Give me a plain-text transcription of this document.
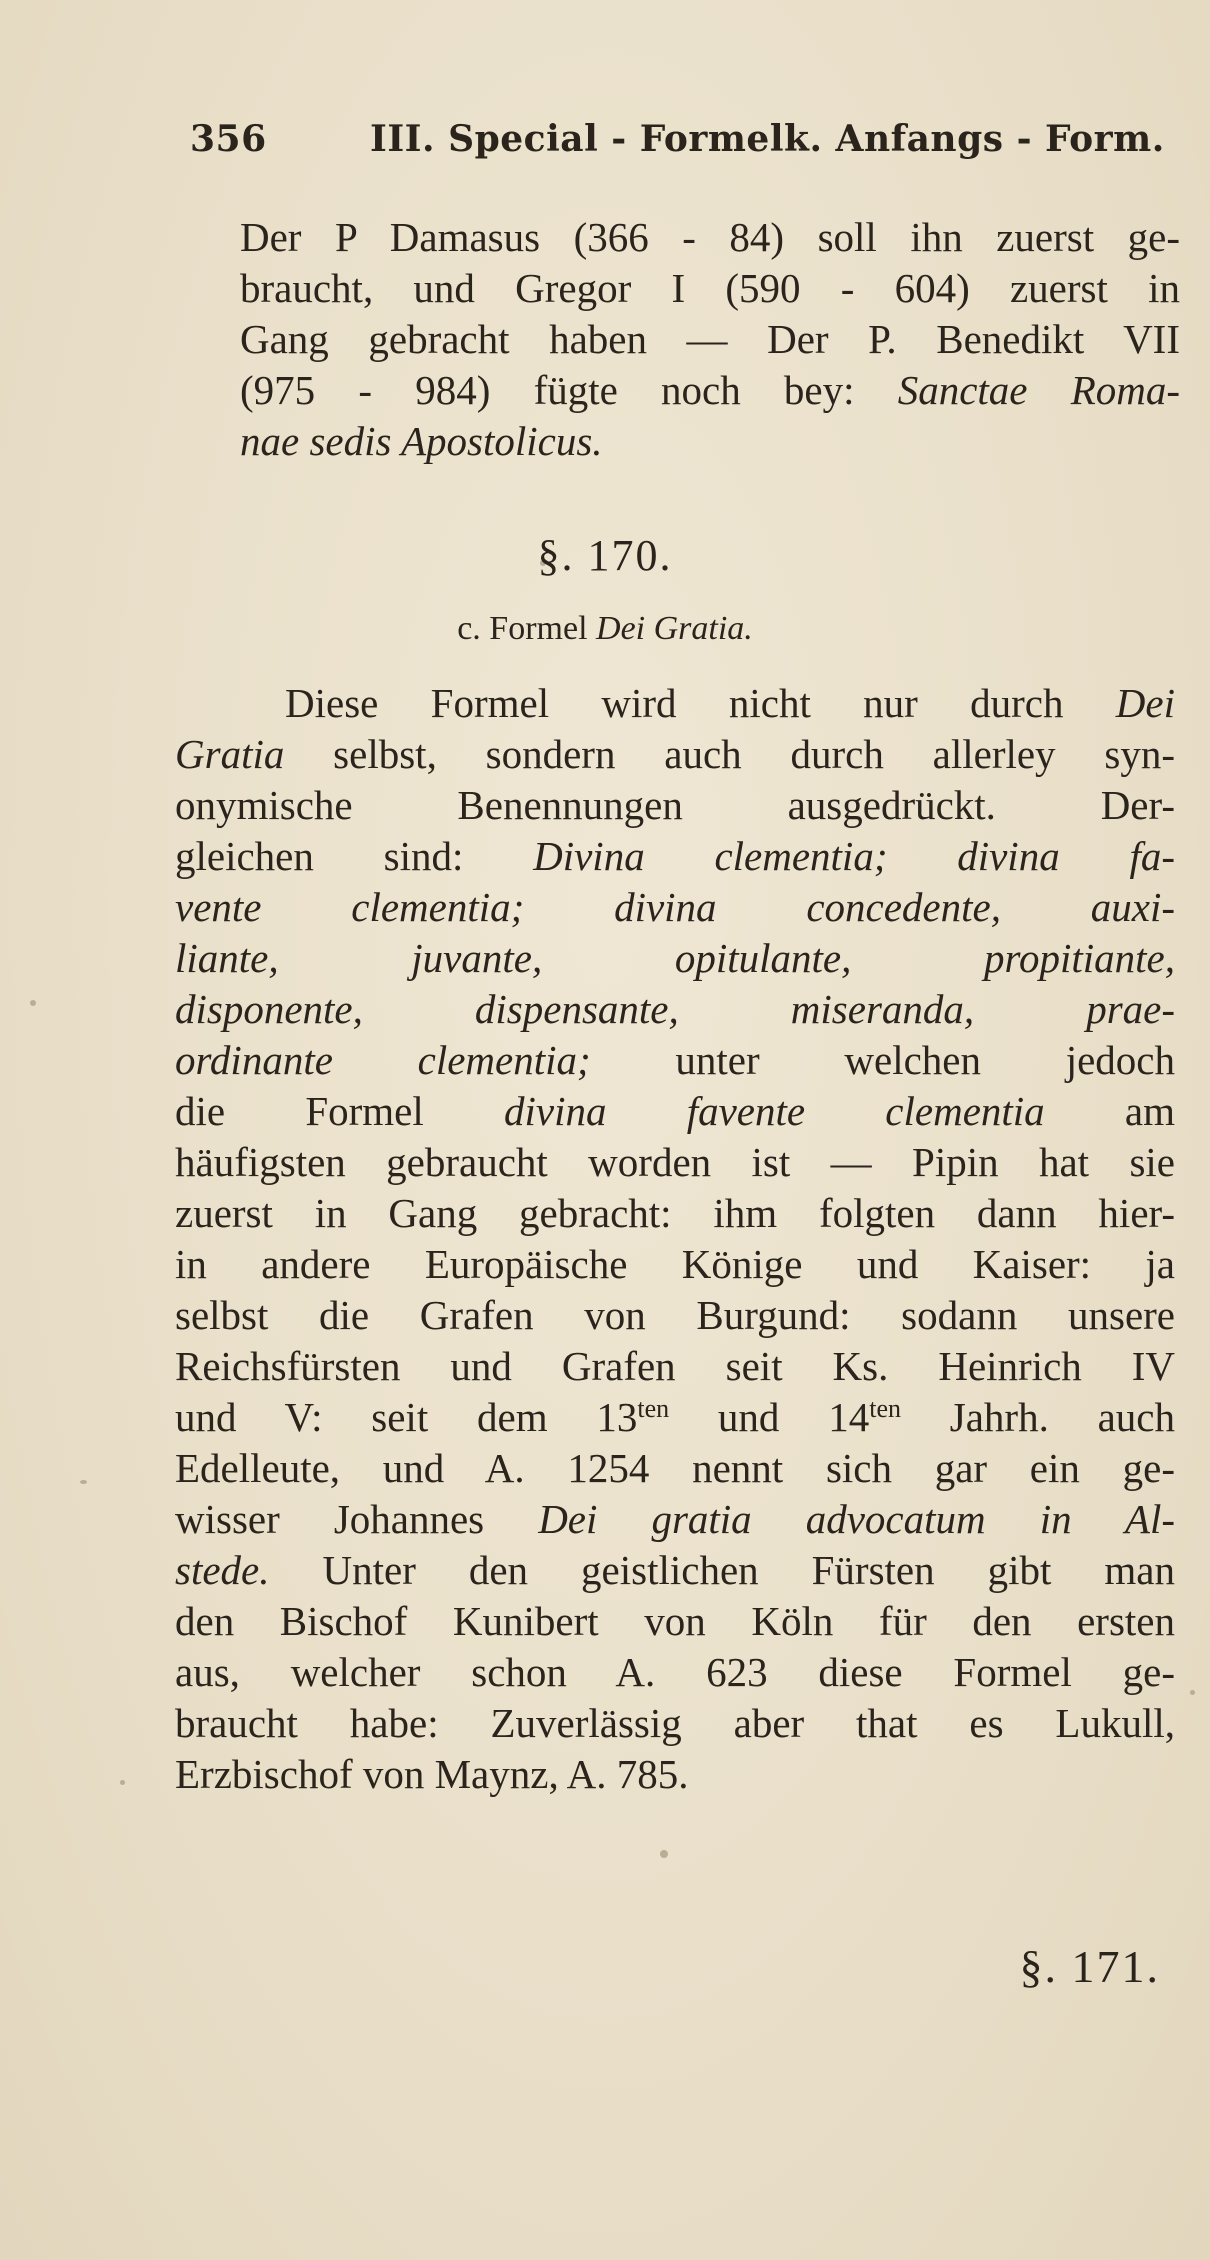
356	III. Special - Formelk. Anfangs - Form.
Der P Damasus (366 - 84) soll ihn zuerst ge-
braucht, und Gregor I (590 - 604) zuerst in
Gang gebracht haben — Der P. Benedikt VII
(975 - 984) fügte noch bey: Sanctae Roma-
nae sedis Apostolicus.
§. 170.
c. Formel Dei Gratia.
Diese Formel wird nicht nur durch Dei
Gratia selbst, sondern auch durch allerley syn-
onymische Benennungen ausgedrückt. Der-
gleichen sind: Divina clementia; divina fa-
vente clementia; divina concedente, auxi-
liante, juvante, opitulante, propitiante,
disponente, dispensante, miseranda, prae-
ordinante clementia; unter welchen jedoch
die Formel divina favente clementia am
häufigsten gebraucht worden ist — Pipin hat sie
zuerst in Gang gebracht: ihm folgten dann hier-
in andere Europäische Könige und Kaiser: ja
selbst die Grafen von Burgund: sodann unsere
Reichsfürsten und Grafen seit Ks. Heinrich IV
und V: seit dem $13^{ten}$ und $14^{ten}$ Jahrh. auch
Edelleute, und A. 1254 nennt sich gar ein ge-
wisser Johannes Dei gratia advocatum in Al-
stede. Unter den geistlichen Fürsten gibt man
den Bischof Kunibert von Köln für den ersten
aus, welcher schon A. 623 diese Formel ge-
braucht habe: Zuverlässig aber that es Lukull,
Erzbischof von Maynz, A. 785.
§. 171.
